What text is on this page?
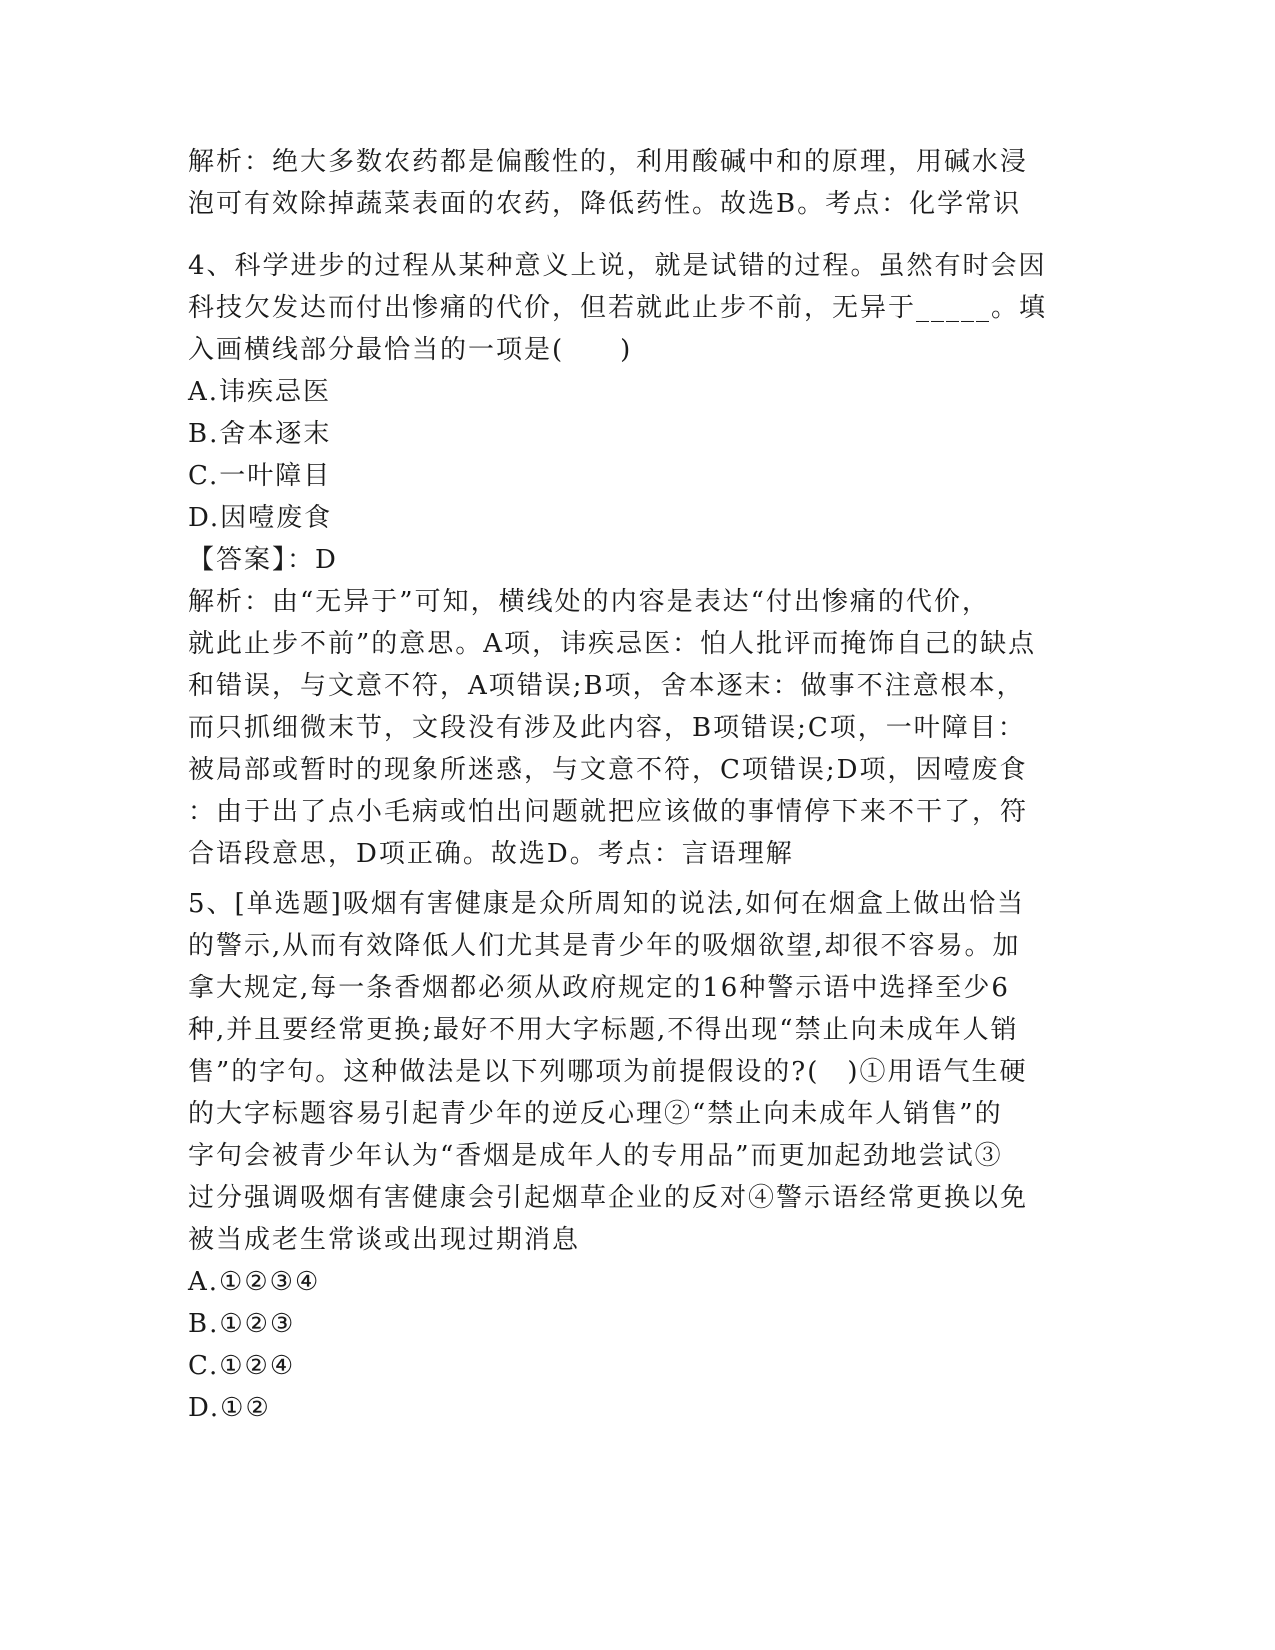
解析：绝大多数农药都是偏酸性的，利用酸碱中和的原理，用碱水浸
泡可有效除掉蔬菜表面的农药，降低药性。故选B。考点：化学常识
4、科学进步的过程从某种意义上说，就是试错的过程。虽然有时会因
科技欠发达而付出惨痛的代价，但若就此止步不前，无异于_____。填
入画横线部分最恰当的一项是(　　)
A.讳疾忌医
B.舍本逐末
C.一叶障目
D.因噎废食
【答案】：D
解析：由“无异于”可知，横线处的内容是表达“付出惨痛的代价，
就此止步不前”的意思。A项，讳疾忌医：怕人批评而掩饰自己的缺点
和错误，与文意不符，A项错误;B项，舍本逐末：做事不注意根本，
而只抓细微末节，文段没有涉及此内容，B项错误;C项，一叶障目：
被局部或暂时的现象所迷惑，与文意不符，C项错误;D项，因噎废食
：由于出了点小毛病或怕出问题就把应该做的事情停下来不干了，符
合语段意思，D项正确。故选D。考点：言语理解
5、[单选题]吸烟有害健康是众所周知的说法,如何在烟盒上做出恰当
的警示,从而有效降低人们尤其是青少年的吸烟欲望,却很不容易。加
拿大规定,每一条香烟都必须从政府规定的16种警示语中选择至少6
种,并且要经常更换;最好不用大字标题,不得出现“禁止向未成年人销
售”的字句。这种做法是以下列哪项为前提假设的?(　)①用语气生硬
的大字标题容易引起青少年的逆反心理②“禁止向未成年人销售”的
字句会被青少年认为“香烟是成年人的专用品”而更加起劲地尝试③
过分强调吸烟有害健康会引起烟草企业的反对④警示语经常更换以免
被当成老生常谈或出现过期消息
A.①②③④
B.①②③
C.①②④
D.①②
